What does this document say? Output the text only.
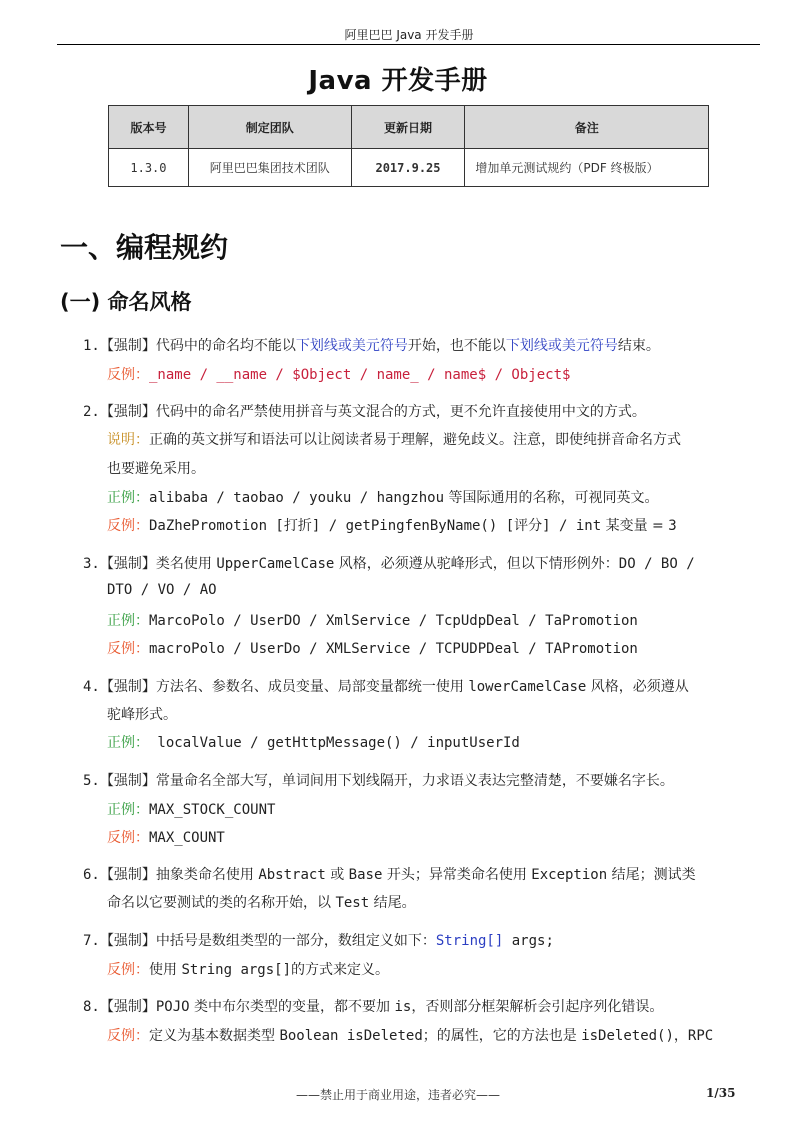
阿里巴巴 Java 开发手册
Java 开发手册
版本号	制定团队	更新日期	备注
1.3.0	阿里巴巴集团技术团队	2017.9.25	增加单元测试规约（PDF 终极版）
一、编程规约
(一) 命名风格
1.【强制】代码中的命名均不能以下划线或美元符号开始，也不能以下划线或美元符号结束。
反例：_name / __name / $Object / name_ / name$ / Object$
2.【强制】代码中的命名严禁使用拼音与英文混合的方式，更不允许直接使用中文的方式。
说明：正确的英文拼写和语法可以让阅读者易于理解，避免歧义。注意，即使纯拼音命名方式
也要避免采用。
正例：alibaba / taobao / youku / hangzhou 等国际通用的名称，可视同英文。
反例：DaZhePromotion [打折] / getPingfenByName() [评分] / int 某变量 = 3
3.【强制】类名使用 UpperCamelCase 风格，必须遵从驼峰形式，但以下情形例外：DO / BO /
DTO / VO / AO
正例：MarcoPolo / UserDO / XmlService / TcpUdpDeal / TaPromotion
反例：macroPolo / UserDo / XMLService / TCPUDPDeal / TAPromotion
4.【强制】方法名、参数名、成员变量、局部变量都统一使用 lowerCamelCase 风格，必须遵从
驼峰形式。
正例： localValue / getHttpMessage() / inputUserId
5.【强制】常量命名全部大写，单词间用下划线隔开，力求语义表达完整清楚，不要嫌名字长。
正例：MAX_STOCK_COUNT
反例：MAX_COUNT
6.【强制】抽象类命名使用 Abstract 或 Base 开头；异常类命名使用 Exception 结尾；测试类
命名以它要测试的类的名称开始，以 Test 结尾。
7.【强制】中括号是数组类型的一部分，数组定义如下：String[] args;
反例：使用 String args[]的方式来定义。
8.【强制】POJO 类中布尔类型的变量，都不要加 is，否则部分框架解析会引起序列化错误。
反例：定义为基本数据类型 Boolean isDeleted；的属性，它的方法也是 isDeleted()，RPC
——禁止用于商业用途，违者必究——	1/35
